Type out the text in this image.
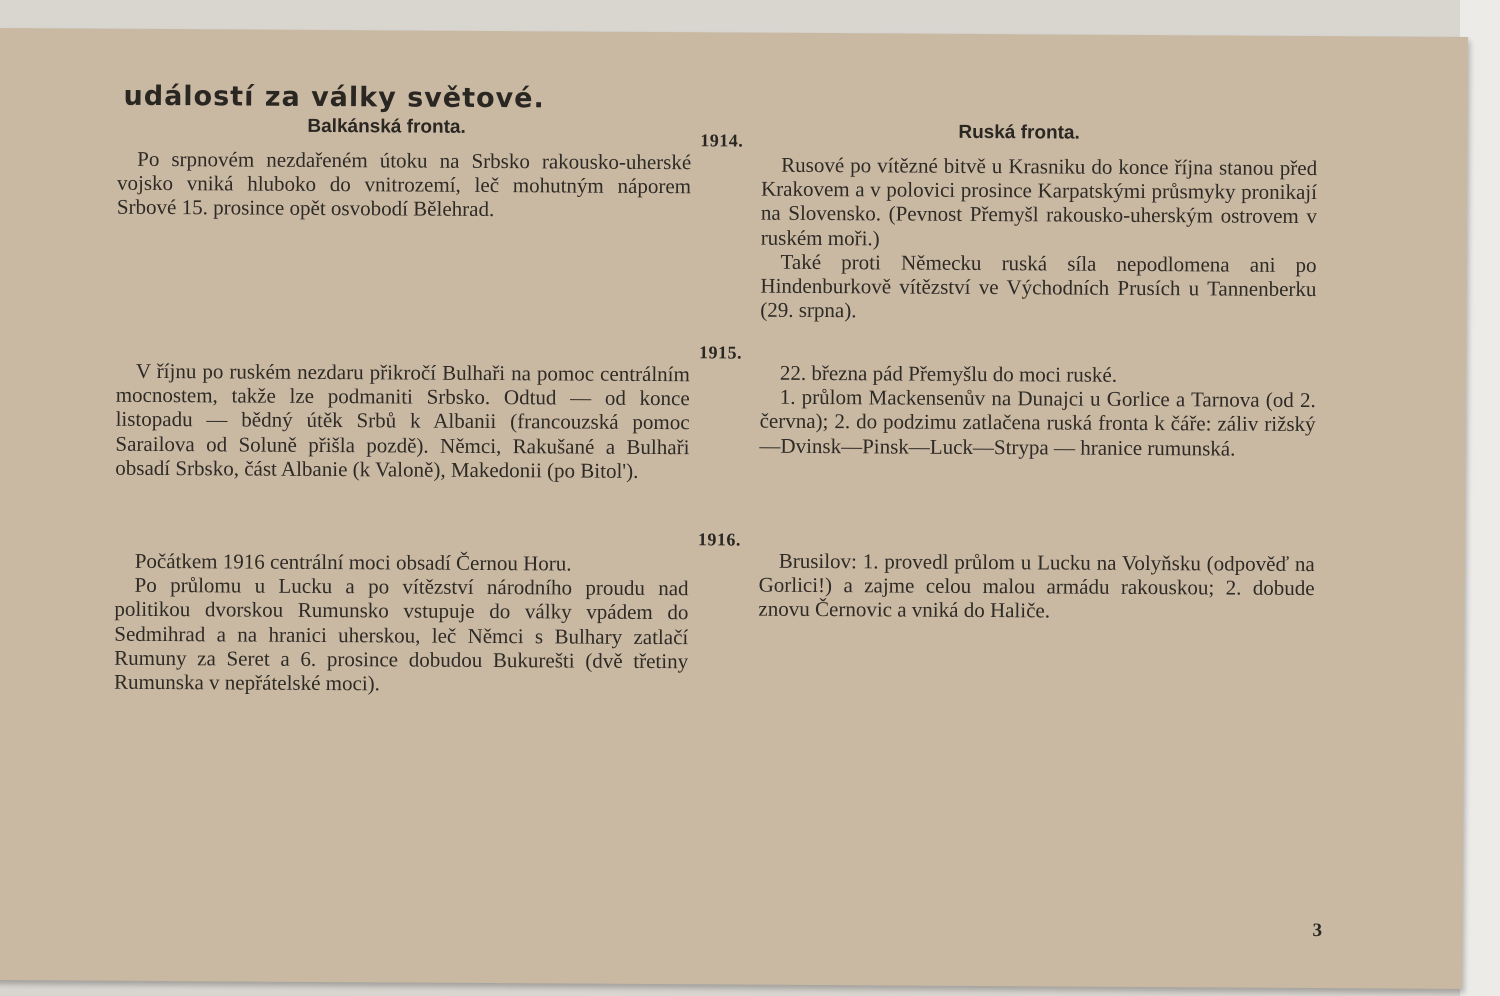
událostí za války světové.
Balkánská fronta.	Ruská fronta.
1914.
1915.
1916.

Po srpnovém nezdařeném útoku na Srbsko rakousko-uherské vojsko vniká hluboko do vnitrozemí, leč mohutným náporem Srbové 15. prosince opět osvobodí Bělehrad.

V říjnu po ruském nezdaru přikročí Bulhaři na pomoc centrálním mocnostem, takže lze podmaniti Srbsko. Odtud — od konce listopadu — bědný útěk Srbů k Albanii (francouzská pomoc Sarailova od Soluně přišla pozdě). Němci, Rakušané a Bulhaři obsadí Srbsko, část Albanie (k Valoně), Makedonii (po Bitol').

Počátkem 1916 centrální moci obsadí Černou Horu.

Po průlomu u Lucku a po vítězství národního proudu nad politikou dvorskou Rumunsko vstupuje do války vpádem do Sedmihrad a na hranici uherskou, leč Němci s Bulhary zatlačí Rumuny za Seret a 6. prosince dobudou Bukurešti (dvě třetiny Rumunska v nepřátelské moci).

Rusové po vítězné bitvě u Krasniku do konce října stanou před Krakovem a v polovici prosince Karpatskými průsmyky pronikají na Slovensko. (Pevnost Přemyšl rakousko-uherským ostrovem v ruském moři.)

Také proti Německu ruská síla nepodlomena ani po Hindenburkově vítězství ve Východních Prusích u Tannenberku (29. srpna).

22. března pád Přemyšlu do moci ruské.

1. průlom Mackensenův na Dunajci u Gorlice a Tarnova (od 2. června); 2. do podzimu zatlačena ruská fronta k čáře: záliv rižský—Dvinsk—Pinsk—Luck—Strypa — hranice rumunská.

Brusilov: 1. provedl průlom u Lucku na Volyňsku (odpověď na Gorlici!) a zajme celou malou armádu rakouskou; 2. dobude znovu Černovic a vniká do Haliče.

3
